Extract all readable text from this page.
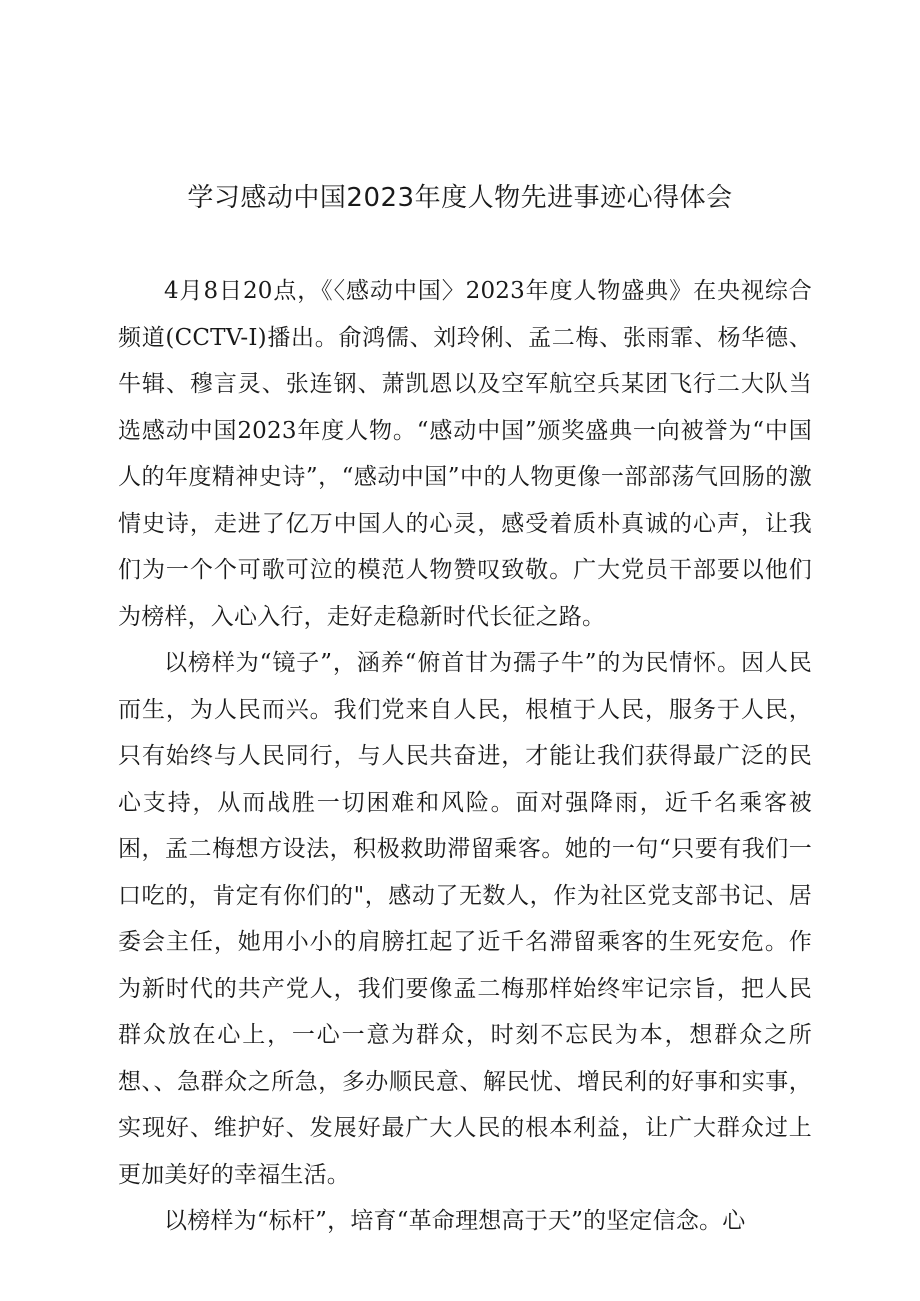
学习感动中国2023年度人物先进事迹心得体会

4月8日20点，《〈感动中国〉2023年度人物盛典》在央视综合频道(CCTV-I)播出。俞鸿儒、刘玲俐、孟二梅、张雨霏、杨华德、牛辑、穆言灵、张连钢、萧凯恩以及空军航空兵某团飞行二大队当选感动中国2023年度人物。“感动中国”颁奖盛典一向被誉为“中国人的年度精神史诗”，“感动中国”中的人物更像一部部荡气回肠的激情史诗，走进了亿万中国人的心灵，感受着质朴真诚的心声，让我们为一个个可歌可泣的模范人物赞叹致敬。广大党员干部要以他们为榜样，入心入行，走好走稳新时代长征之路。

以榜样为“镜子”，涵养“俯首甘为孺子牛”的为民情怀。因人民而生，为人民而兴。我们党来自人民，根植于人民，服务于人民，只有始终与人民同行，与人民共奋进，才能让我们获得最广泛的民心支持，从而战胜一切困难和风险。面对强降雨，近千名乘客被困，孟二梅想方设法，积极救助滞留乘客。她的一句“只要有我们一口吃的，肯定有你们的"，感动了无数人，作为社区党支部书记、居委会主任，她用小小的肩膀扛起了近千名滞留乘客的生死安危。作为新时代的共产党人，我们要像孟二梅那样始终牢记宗旨，把人民群众放在心上，一心一意为群众，时刻不忘民为本，想群众之所想、、急群众之所急，多办顺民意、解民忧、增民利的好事和实事，实现好、维护好、发展好最广大人民的根本利益，让广大群众过上更加美好的幸福生活。

以榜样为“标杆”，培育“革命理想高于天”的坚定信念。心
